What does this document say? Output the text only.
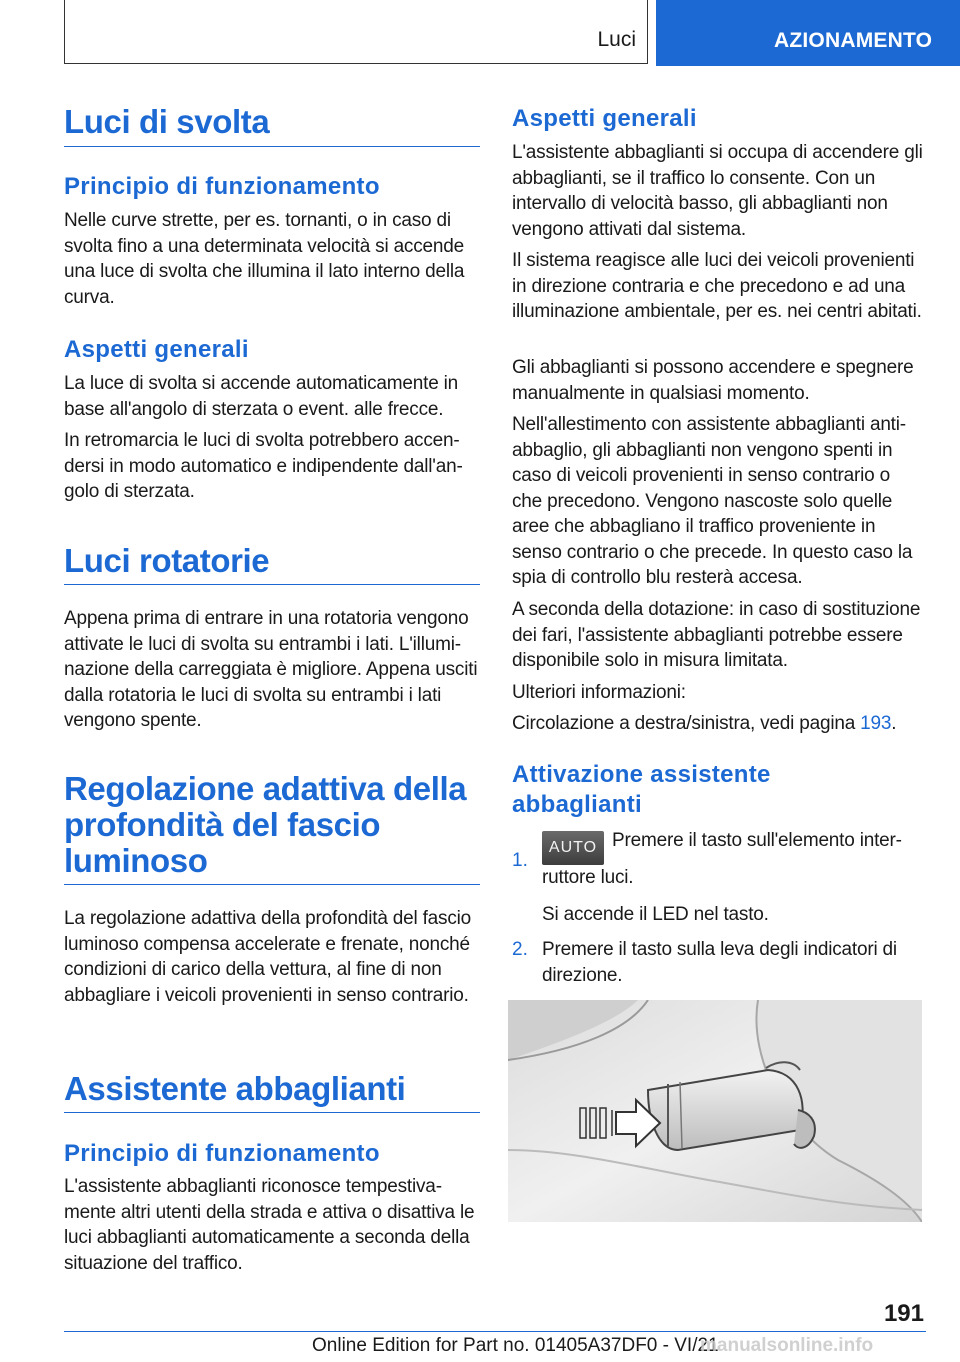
Luci	AZIONAMENTO
Luci di svolta
Principio di funzionamento

Nelle curve strette, per es. tornanti, o in caso di svolta fino a una determinata velocità si accende una luce di svolta che illumina il lato interno della curva.

Aspetti generali

La luce di svolta si accende automaticamente in base all'angolo di sterzata o event. alle frecce.

In retromarcia le luci di svolta potrebbero accendersi in modo automatico e indipendente dall'angolo di sterzata.

Luci rotatorie

Appena prima di entrare in una rotatoria vengono attivate le luci di svolta su entrambi i lati. L'illuminazione della carreggiata è migliore. Appena usciti dalla rotatoria le luci di svolta su entrambi i lati vengono spente.

Regolazione adattiva della profondità del fascio luminoso

La regolazione adattiva della profondità del fascio luminoso compensa accelerate e frenate, nonché condizioni di carico della vettura, al fine di non abbagliare i veicoli provenienti in senso contrario.

Assistente abbaglianti
Principio di funzionamento

L'assistente abbaglianti riconosce tempestivamente altri utenti della strada e attiva o disattiva le luci abbaglianti automaticamente a seconda della situazione del traffico.

Aspetti generali

L'assistente abbaglianti si occupa di accendere gli abbaglianti, se il traffico lo consente. Con un intervallo di velocità basso, gli abbaglianti non vengono attivati dal sistema.

Il sistema reagisce alle luci dei veicoli provenienti in direzione contraria e che precedono e ad una illuminazione ambientale, per es. nei centri abitati.

Gli abbaglianti si possono accendere e spegnere manualmente in qualsiasi momento.

Nell'allestimento con assistente abbaglianti antiabbaglio, gli abbaglianti non vengono spenti in caso di veicoli provenienti in senso contrario o che precedono. Vengono nascoste solo quelle aree che abbagliano il traffico proveniente in senso contrario o che precede. In questo caso la spia di controllo blu resterà accesa.

A seconda della dotazione: in caso di sostituzione dei fari, l'assistente abbaglianti potrebbe essere disponibile solo in misura limitata.

Ulteriori informazioni:

Circolazione a destra/sinistra, vedi pagina 193.

Attivazione assistente abbaglianti
1.

AUTO Premere il tasto sull'elemento interruttore luci.

Si accende il LED nel tasto.

2. Premere il tasto sulla leva degli indicatori di direzione.

191
Online Edition for Part no. 01405A37DF0 - VI/21
manualsonline.info
